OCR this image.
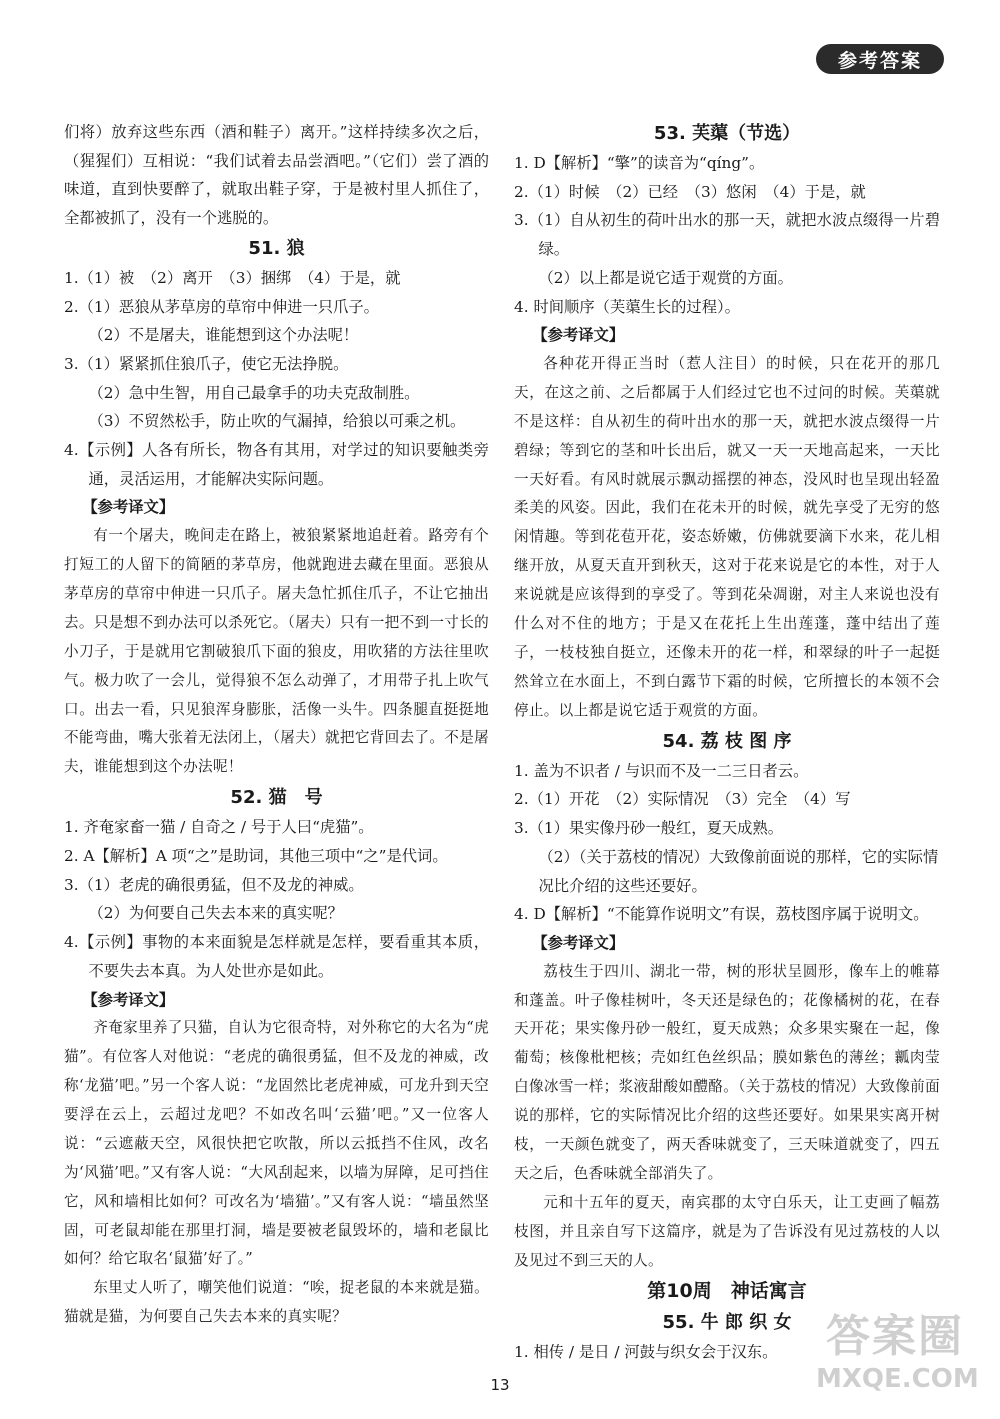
参考答案
们将）放弃这些东西（酒和鞋子）离开。”这样持续多次之后，（猩猩们）互相说：“我们试着去品尝酒吧。”（它们）尝了酒的味道，直到快要醉了，就取出鞋子穿，于是被村里人抓住了，全都被抓了，没有一个逃脱的。
51. 狼
1.（1）被　（2）离开　（3）捆绑　（4）于是，就
2.（1）恶狼从茅草房的草帘中伸进一只爪子。
（2）不是屠夫，谁能想到这个办法呢！
3.（1）紧紧抓住狼爪子，使它无法挣脱。
（2）急中生智，用自己最拿手的功夫克敌制胜。
（3）不贸然松手，防止吹的气漏掉，给狼以可乘之机。
4.【示例】人各有所长，物各有其用，对学过的知识要触类旁通，灵活运用，才能解决实际问题。
【参考译文】
有一个屠夫，晚间走在路上，被狼紧紧地追赶着。路旁有个打短工的人留下的简陋的茅草房，他就跑进去藏在里面。恶狼从茅草房的草帘中伸进一只爪子。屠夫急忙抓住爪子，不让它抽出去。只是想不到办法可以杀死它。（屠夫）只有一把不到一寸长的小刀子，于是就用它割破狼爪下面的狼皮，用吹猪的方法往里吹气。极力吹了一会儿，觉得狼不怎么动弹了，才用带子扎上吹气口。出去一看，只见狼浑身膨胀，活像一头牛。四条腿直挺挺地不能弯曲，嘴大张着无法闭上，（屠夫）就把它背回去了。不是屠夫，谁能想到这个办法呢！
52. 猫　号
1. 齐奄家畜一猫 / 自奇之 / 号于人曰“虎猫”。
2. A【解析】A 项“之”是助词，其他三项中“之”是代词。
3.（1）老虎的确很勇猛，但不及龙的神威。
（2）为何要自己失去本来的真实呢？
4.【示例】事物的本来面貌是怎样就是怎样，要看重其本质，不要失去本真。为人处世亦是如此。
【参考译文】
齐奄家里养了只猫，自认为它很奇特，对外称它的大名为“虎猫”。有位客人对他说：“老虎的确很勇猛，但不及龙的神威，改称‘龙猫’吧。”另一个客人说：“龙固然比老虎神威，可龙升到天空要浮在云上，云超过龙吧？不如改名叫‘云猫’吧。”又一位客人说：“云遮蔽天空，风很快把它吹散，所以云抵挡不住风，改名为‘风猫’吧。”又有客人说：“大风刮起来，以墙为屏障，足可挡住它，风和墙相比如何？可改名为‘墙猫’。”又有客人说：“墙虽然坚固，可老鼠却能在那里打洞，墙是要被老鼠毁坏的，墙和老鼠比如何？给它取名‘鼠猫’好了。”
东里丈人听了，嘲笑他们说道：“唉，捉老鼠的本来就是猫。猫就是猫，为何要自己失去本来的真实呢？
53. 芙蕖（节选）
1. D【解析】“擎”的读音为“qíng”。
2.（1）时候　（2）已经　（3）悠闲　（4）于是，就
3.（1）自从初生的荷叶出水的那一天，就把水波点缀得一片碧绿。
（2）以上都是说它适于观赏的方面。
4. 时间顺序（芙蕖生长的过程）。
【参考译文】
各种花开得正当时（惹人注目）的时候，只在花开的那几天，在这之前、之后都属于人们经过它也不过问的时候。芙蕖就不是这样：自从初生的荷叶出水的那一天，就把水波点缀得一片碧绿；等到它的茎和叶长出后，就又一天一天地高起来，一天比一天好看。有风时就展示飘动摇摆的神态，没风时也呈现出轻盈柔美的风姿。因此，我们在花未开的时候，就先享受了无穷的悠闲情趣。等到花苞开花，姿态娇嫩，仿佛就要滴下水来，花儿相继开放，从夏天直开到秋天，这对于花来说是它的本性，对于人来说就是应该得到的享受了。等到花朵凋谢，对主人来说也没有什么对不住的地方；于是又在花托上生出莲蓬，蓬中结出了莲子，一枝枝独自挺立，还像未开的花一样，和翠绿的叶子一起挺然耸立在水面上，不到白露节下霜的时候，它所擅长的本领不会停止。以上都是说它适于观赏的方面。
54. 荔 枝 图 序
1. 盖为不识者 / 与识而不及一二三日者云。
2.（1）开花　（2）实际情况　（3）完全　（4）写
3.（1）果实像丹砂一般红，夏天成熟。
（2）（关于荔枝的情况）大致像前面说的那样，它的实际情况比介绍的这些还要好。
4. D【解析】“不能算作说明文”有误，荔枝图序属于说明文。
【参考译文】
荔枝生于四川、湖北一带，树的形状呈圆形，像车上的帷幕和蓬盖。叶子像桂树叶，冬天还是绿色的；花像橘树的花，在春天开花；果实像丹砂一般红，夏天成熟；众多果实聚在一起，像葡萄；核像枇杷核；壳如红色丝织品；膜如紫色的薄丝；瓤肉莹白像冰雪一样；浆液甜酸如醴酪。（关于荔枝的情况）大致像前面说的那样，它的实际情况比介绍的这些还要好。如果果实离开树枝，一天颜色就变了，两天香味就变了，三天味道就变了，四五天之后，色香味就全部消失了。
元和十五年的夏天，南宾郡的太守白乐天，让工吏画了幅荔枝图，并且亲自写下这篇序，就是为了告诉没有见过荔枝的人以及见过不到三天的人。
第10周　神话寓言
55. 牛 郎 织 女
1. 相传 / 是日 / 河鼓与织女会于汉东。
13
答案圈
MXQE.COM
